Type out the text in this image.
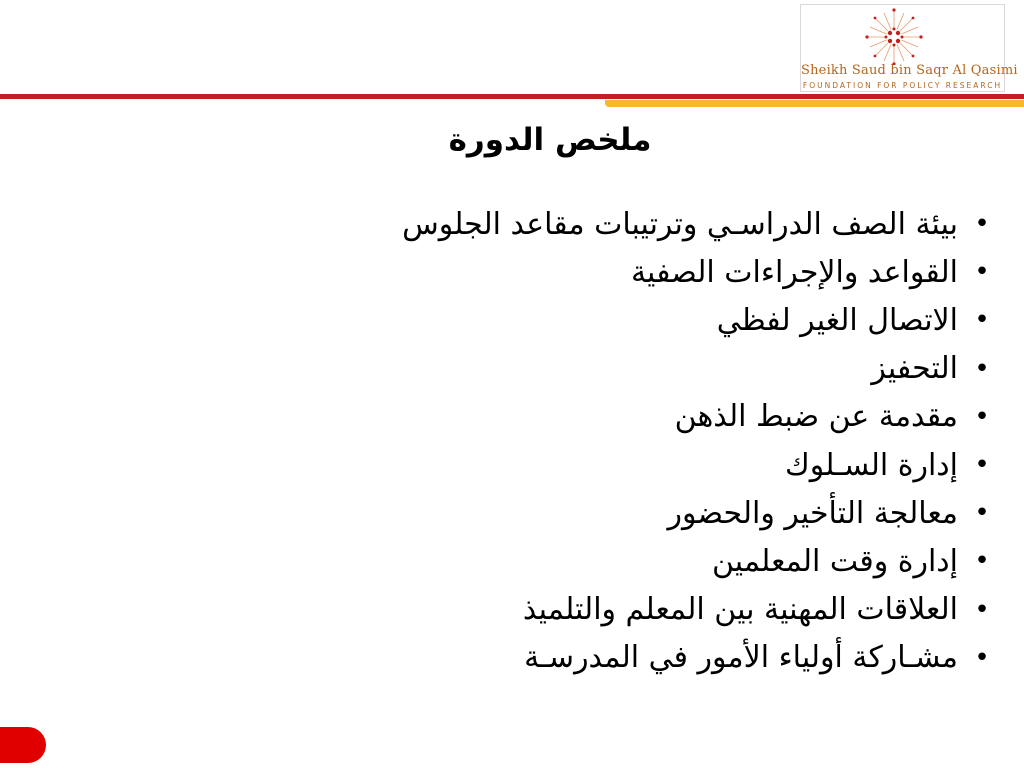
Sheikh Saud bin Saqr Al Qasimi
FOUNDATION FOR POLICY RESEARCH
ملخص الدورة
•
بيئة الصف الدراسـي وترتيبات مقاعد الجلوس
•
القواعد والإجراءات الصفية
•
الاتصال الغير لفظي
•
التحفيز
•
مقدمة عن ضبط الذهن
•
إدارة السـلوك
•
معالجة التأخير والحضور
•
إدارة وقت المعلمين
•
العلاقات المهنية بين المعلم والتلميذ
•
مشـاركة أولياء الأمور في المدرسـة
